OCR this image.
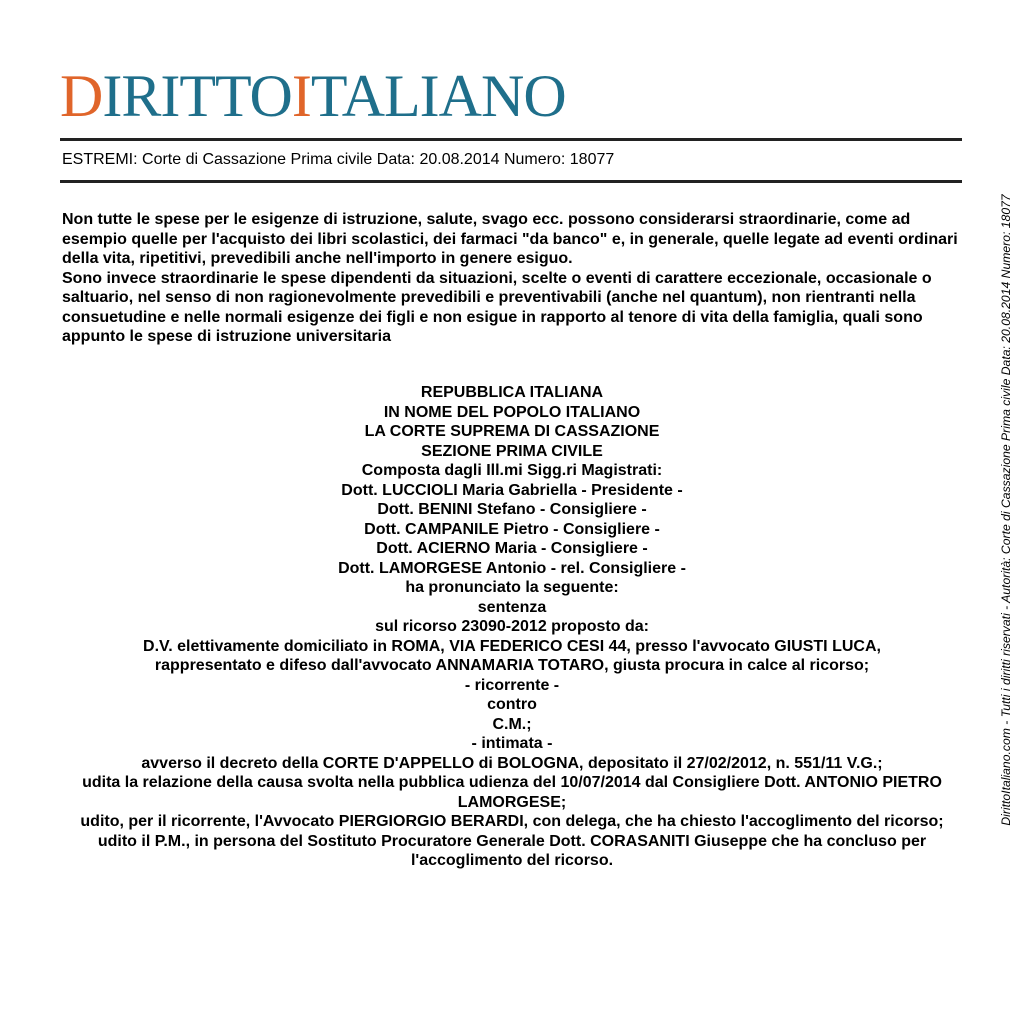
DIRITTOITALIANO
ESTREMI: Corte di Cassazione Prima civile Data: 20.08.2014 Numero: 18077

Non tutte le spese per le esigenze di istruzione, salute, svago ecc. possono considerarsi straordinarie, come ad esempio quelle per l'acquisto dei libri scolastici, dei farmaci "da banco" e, in generale, quelle legate ad eventi ordinari della vita, ripetitivi, prevedibili anche nell'importo in genere esiguo.

Sono invece straordinarie le spese dipendenti da situazioni, scelte o eventi di carattere eccezionale, occasionale o saltuario, nel senso di non ragionevolmente prevedibili e preventivabili (anche nel quantum), non rientranti nella consuetudine e nelle normali esigenze dei figli e non esigue in rapporto al tenore di vita della famiglia, quali sono appunto le spese di istruzione universitaria

REPUBBLICA ITALIANA
IN NOME DEL POPOLO ITALIANO
LA CORTE SUPREMA DI CASSAZIONE
SEZIONE PRIMA CIVILE
Composta dagli Ill.mi Sigg.ri Magistrati:
Dott. LUCCIOLI Maria Gabriella - Presidente -
Dott. BENINI Stefano - Consigliere -
Dott. CAMPANILE Pietro - Consigliere -
Dott. ACIERNO Maria - Consigliere -
Dott. LAMORGESE Antonio - rel. Consigliere -
ha pronunciato la seguente:
sentenza
sul ricorso 23090-2012 proposto da:
D.V. elettivamente domiciliato in ROMA, VIA FEDERICO CESI 44, presso l'avvocato GIUSTI LUCA,
rappresentato e difeso dall'avvocato ANNAMARIA TOTARO, giusta procura in calce al ricorso;
- ricorrente -
contro
C.M.;
- intimata -
avverso il decreto della CORTE D'APPELLO di BOLOGNA, depositato il 27/02/2012, n. 551/11 V.G.;
udita la relazione della causa svolta nella pubblica udienza del 10/07/2014 dal Consigliere Dott. ANTONIO PIETRO LAMORGESE;
udito, per il ricorrente, l'Avvocato PIERGIORGIO BERARDI, con delega, che ha chiesto l'accoglimento del ricorso;
udito il P.M., in persona del Sostituto Procuratore Generale Dott. CORASANITI Giuseppe che ha concluso per l'accoglimento del ricorso.
DirittoItaliano.com - Tutti i diritti riservati - Autorità: Corte di Cassazione Prima civile Data: 20.08.2014 Numero: 18077
